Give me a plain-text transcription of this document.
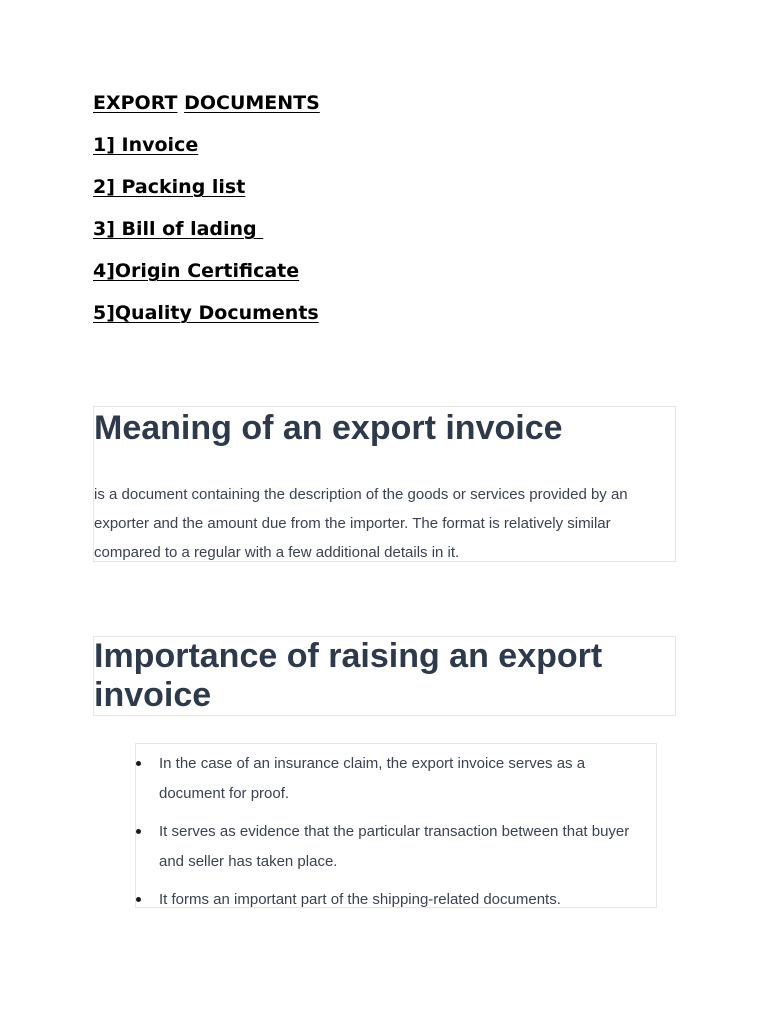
EXPORT DOCUMENTS
1] Invoice
2] Packing list
3] Bill of lading
4]Origin Certificate
5]Quality Documents
Meaning of an export invoice

is a document containing the description of the goods or services provided by an exporter and the amount due from the importer. The format is relatively similar compared to a regular with a few additional details in it.

Importance of raising an export invoice
In the case of an insurance claim, the export invoice serves as a document for proof.
It serves as evidence that the particular transaction between that buyer and seller has taken place.
It forms an important part of the shipping-related documents.
